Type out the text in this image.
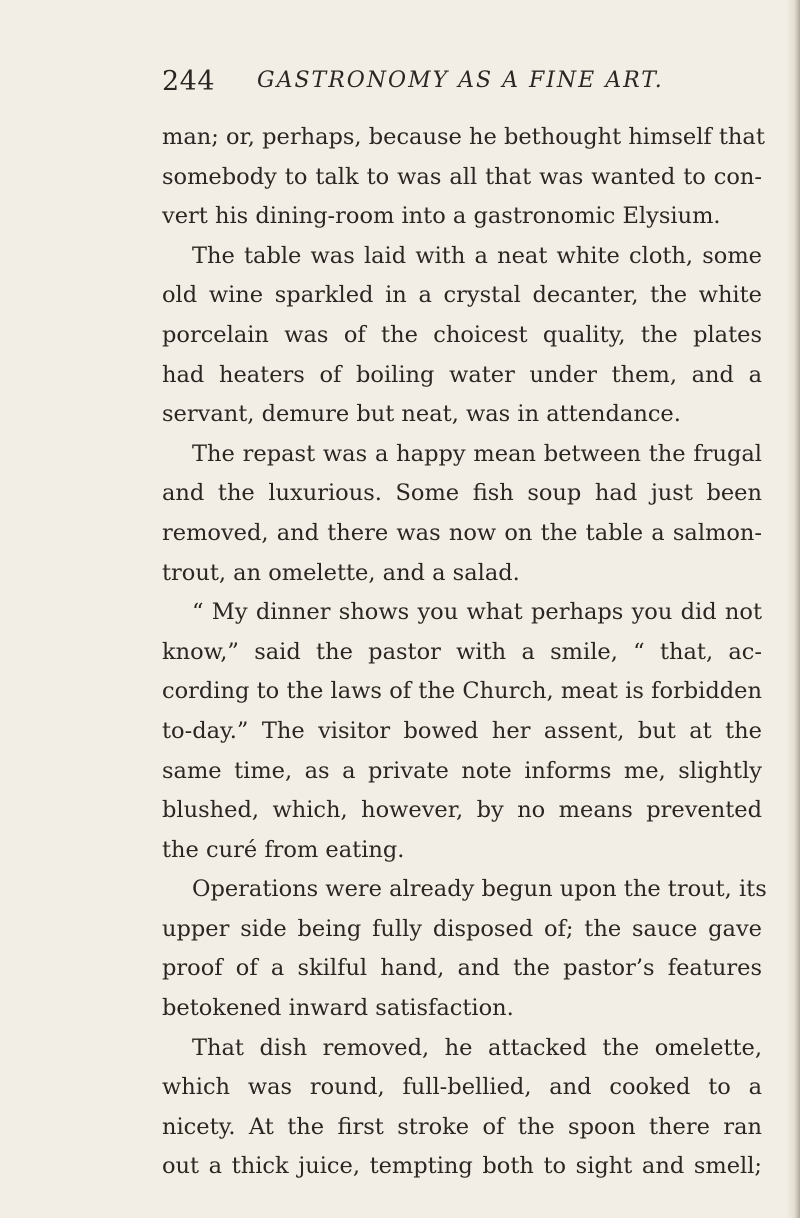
244 GASTRONOMY AS A FINE ART.
man; or, perhaps, because he bethought himself that
somebody to talk to was all that was wanted to con-
vert his dining-room into a gastronomic Elysium.
The table was laid with a neat white cloth, some
old wine sparkled in a crystal decanter, the white
porcelain was of the choicest quality, the plates
had heaters of boiling water under them, and a
servant, demure but neat, was in attendance.
The repast was a happy mean between the frugal
and the luxurious. Some fish soup had just been
removed, and there was now on the table a salmon-
trout, an omelette, and a salad.
“ My dinner shows you what perhaps you did not
know,” said the pastor with a smile, “ that, ac-
cording to the laws of the Church, meat is forbidden
to-day.” The visitor bowed her assent, but at the
same time, as a private note informs me, slightly
blushed, which, however, by no means prevented
the curé from eating.
Operations were already begun upon the trout, its
upper side being fully disposed of; the sauce gave
proof of a skilful hand, and the pastor’s features
betokened inward satisfaction.
That dish removed, he attacked the omelette,
which was round, full-bellied, and cooked to a
nicety. At the first stroke of the spoon there ran
out a thick juice, tempting both to sight and smell;
